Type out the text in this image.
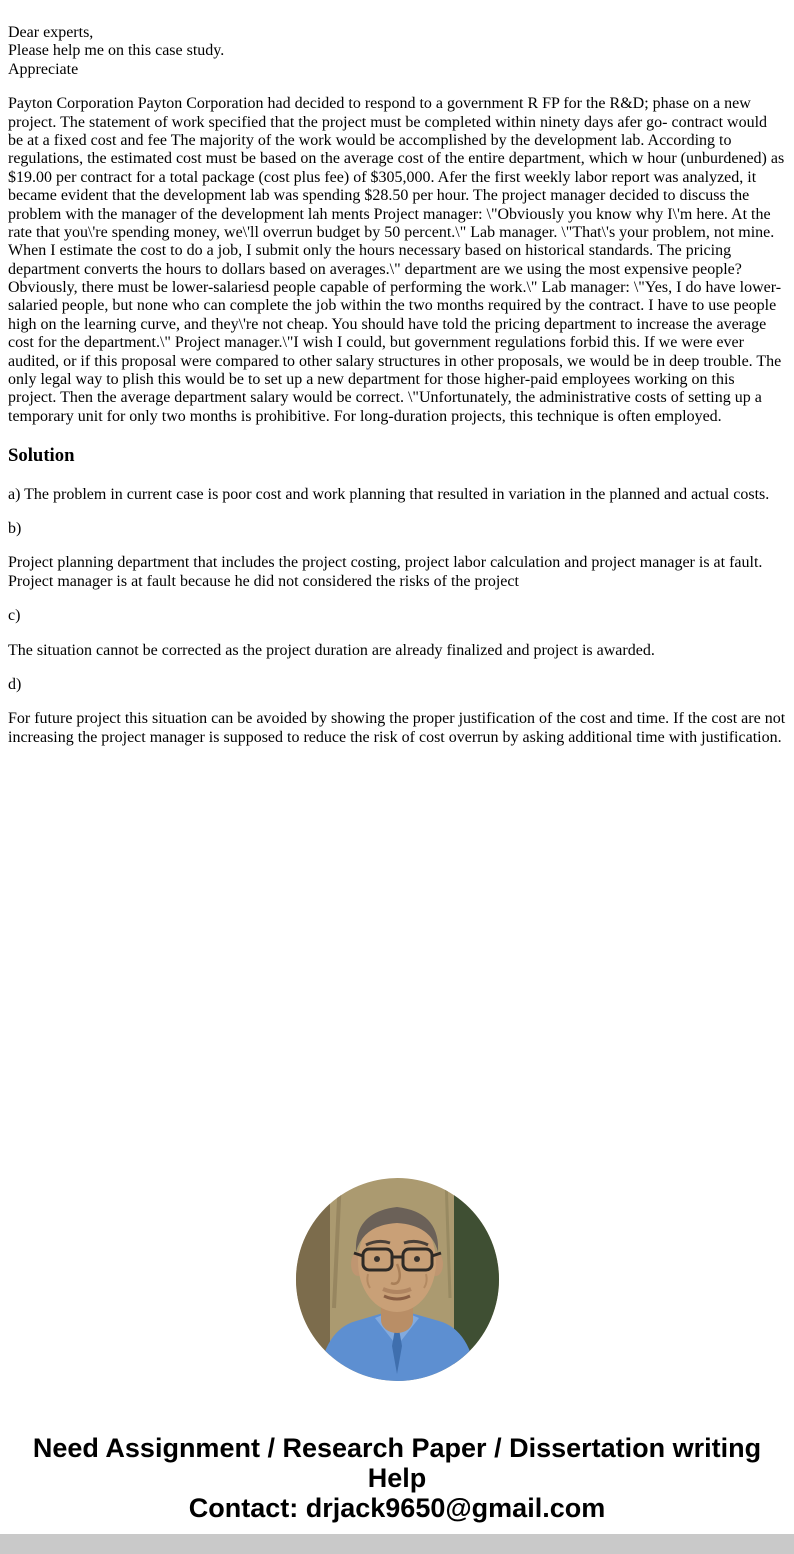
Dear experts,
Please help me on this case study.
Appreciate

Payton Corporation Payton Corporation had decided to respond to a government R FP for the R&D; phase on a new project. The statement of work specified that the project must be completed within ninety days afer go- contract would be at a fixed cost and fee The majority of the work would be accomplished by the development lab. According to regulations, the estimated cost must be based on the average cost of the entire department, which w hour (unburdened) as $19.00 per contract for a total package (cost plus fee) of $305,000. Afer the first weekly labor report was analyzed, it became evident that the development lab was spending $28.50 per hour. The project manager decided to discuss the problem with the manager of the development lah ments Project manager: \"Obviously you know why I\'m here. At the rate that you\'re spending money, we\'ll overrun budget by 50 percent.\" Lab manager. \"That\'s your problem, not mine. When I estimate the cost to do a job, I submit only the hours necessary based on historical standards. The pricing department converts the hours to dollars based on averages.\" department are we using the most expensive people? Obviously, there must be lower-salariesd people capable of performing the work.\" Lab manager: \"Yes, I do have lower-salaried people, but none who can complete the job within the two months required by the contract. I have to use people high on the learning curve, and they\'re not cheap. You should have told the pricing department to increase the average cost for the department.\" Project manager.\"I wish I could, but government regulations forbid this. If we were ever audited, or if this proposal were compared to other salary structures in other proposals, we would be in deep trouble. The only legal way to plish this would be to set up a new department for those higher-paid employees working on this project. Then the average department salary would be correct. \"Unfortunately, the administrative costs of setting up a temporary unit for only two months is prohibitive. For long-duration projects, this technique is often employed.

Solution

a) The problem in current case is poor cost and work planning that resulted in variation in the planned and actual costs.

b)

Project planning department that includes the project costing, project labor calculation and project manager is at fault. Project manager is at fault because he did not considered the risks of the project

c)

The situation cannot be corrected as the project duration are already finalized and project is awarded.

d)

For future project this situation can be avoided by showing the proper justification of the cost and time. If the cost are not increasing the project manager is supposed to reduce the risk of cost overrun by asking additional time with justification.

Need Assignment / Research Paper / Dissertation writing Help
Contact: drjack9650@gmail.com
